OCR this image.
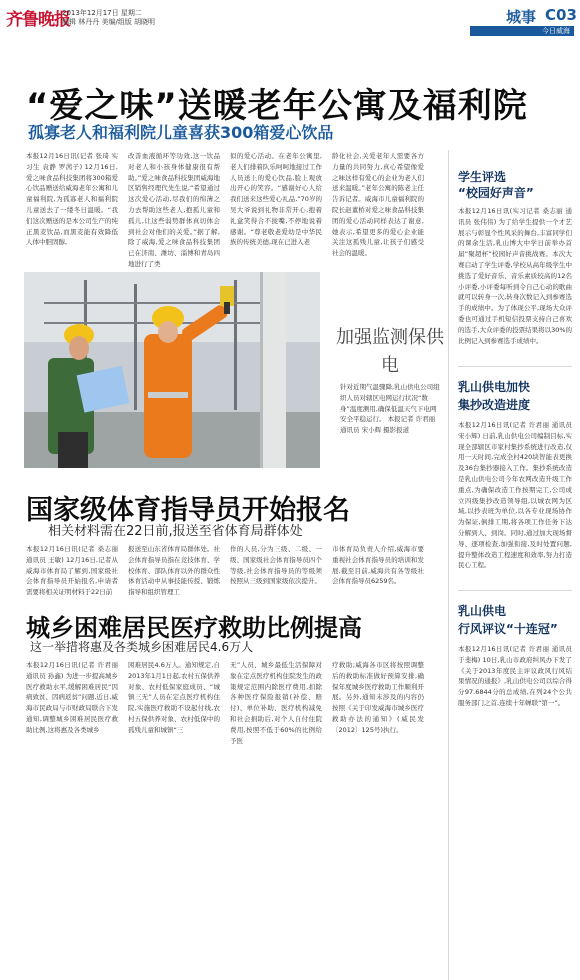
齐鲁晚报
2013年12月17日 星期二
编辑 林丹丹 美编/组版 胡晓明	城事 C03
今日威海
“爱之味”送暖老年公寓及福利院
孤寡老人和福利院儿童喜获300箱爱心饮品
本报12月16日讯(记者 张琦 实习生 袁静 罗茜子) 12月16日,爱之味食品科技集团将300箱爱心饮品赠送给威海老年公寓和儿童福利院,为孤寡老人和福利院儿童送去了一缕冬日温暖。“我们这次赠送的是本公司生产的纯正黑麦饮品,而黑麦能有效降低人体中胆固醇,
改善血液循环等功效,这一饮品对老人和小孩身体健康很有帮助。”爱之味食品科技集团威海地区销售经理代先生说,“希望通过这次爱心活动,尽我们的绵薄之力去帮助这些老人,抱孤儿童和孤儿,让这些弱势群体真切体会到社会对他们的关爱。”据了解,除了威海,爱之味食品科技集团已在济南、潍坊、淄博和青岛四地进行了类
似的爱心活动。在老年公寓里,老人们排着队乐呵呵地接过工作人员送上的爱心饮品,脸上观放出开心的笑容。“感谢好心人给我们送来这些爱心礼品,”70岁的吴大爷说到礼物非常开心,抱着礼盒笑得合不拢嘴,不停地说着感谢。“尊老敬老爱幼是中华民族的传统美德,现在已进入老
龄化社会,关爱老年人需要各方力量的共同努力,真心希望像爱之味这样有爱心的企业为老人们送来温暖。”老年公寓的陈老主任告诉记者。威海市儿童福利院的院长赵董桥对爱之味食品科技集团的爱心活动同样表达了谢意,她表示,希望更多的爱心企业能关注这孤残儿童,让孩子们感受社会的温暖。
加强监测保供电
针对近期气温骤降,乳山供电公司组织人员对辖区电网运行状况“数身”温度测用,确保低温天气下电网安全平稳运行。 本报记者 许君丽 通讯员 宋小辉 摄影报道
国家级体育指导员开始报名
相关材料需在22日前,报送至省体育局群体处
本报12月16日讯(记者 桑志丽 通讯员 王敏) 12月16日,记者从威海市体育局了解到,国家级社会体育指导员开始报名,申请者需要将相关证明材料于22日前
报送至山东省体育局群体处。社会体育指导员指在竞技体育、学校体育、部队体育以外的群众性体育活动中从事技能传授、锻炼指导和组织管理工
作的人员,分为三级、二级、一级、国家级社会体育指导员四个等级,社会体育指导员的等级须按照从三级到国家级依次提升。
市体育局负责人介绍,威海市要重视社会体育指导员的培训和发展,截至目前,威海共有各等级社会体育指导员6259名。
城乡困难居民医疗救助比例提高
这一举措将惠及各类城乡困难居民4.6万人
本报12月16日讯(记者 许君丽 通讯员 孙鑫) 为进一步提高城乡医疗救助水平,缓解困难居民“因病致贫、因病返贫”问题,近日,威海市民政局与市财政局联合下发通知,调整城乡困难居民医疗救助比例,这将惠及各类城乡
困难居民4.6万人。通知规定,自2013年1月1日起,农村五保供养对象、农村低保家庭成员、“城镇三无”人员在定点医疗机构住院,实施医疗救助不设起付线,农村五保供养对象、农村低保中的孤残儿童和城镇“三
无”人员、城乡最低生活保障对象在定点医疗机构住院发生的政策规定范围内除医疗费用,扣除各种医疗保险报销(补偿、赔付)、单位补助、医疗机构减免和社会捐助后,对个人自付住院费用,按照不低于60%的比例给予医
疗救助;威海各市区将按照调整后的救助标准做好预算安排,确保年度城乡医疗救助工作顺利开展。另外,通知未涉及的内容仍按照《关于印发威海市城乡医疗救助办法的通知》(威民发〔2012〕125号)执行。
学生评选
“校园好声音”
本报12月16日讯(实习记者 桑志丽 通讯员 张伟伟) 为了给学生提供一个才艺展示与彰显个性风采的舞台,丰富同学们的课余生活,乳山博大中学日前举办首届“聚超杯”校园好声音挑战赛。本次大赛启动了学生评委,学校从高年级学生中挑选了爱好音乐、音乐素质较高的12名小评委,小评委每听到令自己心动的歌曲就可以转身一次,转身次数记入到参赛选手的成绩中。为了体现公平,现场大众评委也可通过手机短信投票支持自己喜欢的选手,大众评委的投票结果将以30%的比例记入到参赛选手成绩中。
乳山供电加快
集抄改造进度
本报12月16日讯(记者 许君丽 通讯员 宋小辉) 日前,乳山供电公司编制目标,实现全部辖区市家村集抄系统进行改造,仅用一天时间,完成全村420块智能表更换及36台集抄器接入工作。集抄系统改造是乳山供电公司今年农网改造升级工作重点,为确保改造工作按期完工,公司成立四级集抄改造领导组,以城农网为区域,以抄表班为单位,以各专业现场协作为保证,倒排工期,将各项工作任务下达分解到人、到岗。同时,通过加大现场督导、逐项检查,加强衔接,及时处置问题,提升整体改造工程速度和效率,努力打造民心工程。
乳山供电
行风评议“十连冠”
本报12月16日讯(记者 许君丽 通讯员 于斐梅) 10日,乳山市政府纠风办下发了《关于2013年度民主评议政风行风结果情况的通报》,乳山供电公司以综合得分97.6844分的总成绩,在列24个公共服务部门之首,连续十年蝉联“第一”。
